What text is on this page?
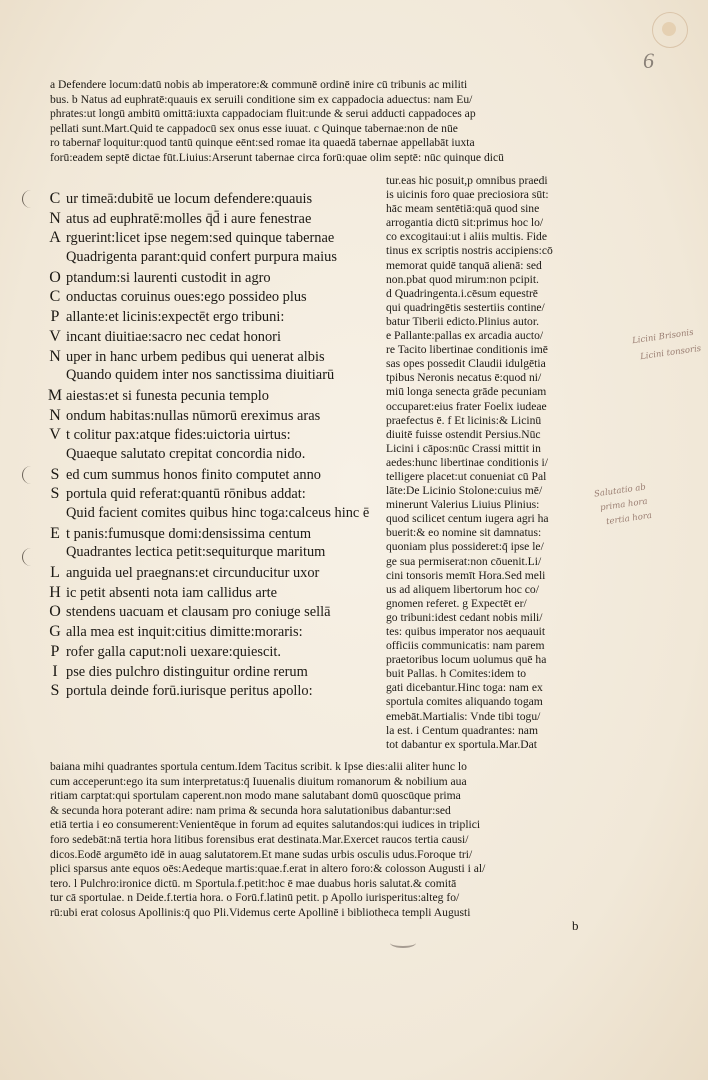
6
a Defendere locum:datū nobis ab imperatore:& communē ordinē inire cū tribunis ac militi
bus. b Natus ad euphratē:quauis ex seruili conditione sim ex cappadocia aduectus: nam Eu/
phrates:ut longū ambitū omittā:iuxta cappadociam fluit:unde & serui adducti cappadoces ap
pellati sunt.Mart.Quid te cappadocū sex onus esse iuuat. c Quinque tabernae:non de nūe
ro tabernar̄ loquitur:quod tantū quinque eēnt:sed romae ita quaedā tabernae appellabāt iuxta
forū:eadem septē dictae fūt.Liuius:Arserunt tabernae circa forū:quae olim septē: nūc quinque dicū
C ur timeā:dubitē ue locum defendere:quauis
N atus ad euphratē:molles q̄d̄ i aure fenestrae
A rguerint:licet ipse negem:sed quinque tabernae
Quadrigenta parant:quid confert purpura maius
O ptandum:si laurenti custodit in agro
C onductas coruinus oues:ego possideo plus
P allante:et licinis:expectēt ergo tribuni:
V incant diuitiae:sacro nec cedat honori
N uper in hanc urbem pedibus qui uenerat albis
Quando quidem inter nos sanctissima diuitiarū
M aiestas:et si funesta pecunia templo
N ondum habitas:nullas nūmorū ereximus aras
V t colitur pax:atque fides:uictoria uirtus:
Quaeque salutato crepitat concordia nido.
S ed cum summus honos finito computet anno
S portula quid referat:quantū rōnibus addat:
Quid facient comites quibus hinc toga:calceus hinc ē
E t panis:fumusque domi:densissima centum
Quadrantes lectica petit:sequiturque maritum
L anguida uel praegnans:et circunducitur uxor
H ic petit absenti nota iam callidus arte
O stendens uacuam et clausam pro coniuge sellā
G alla mea est inquit:citius dimitte:moraris:
P rofer galla caput:noli uexare:quiescit.
I pse dies pulchro distinguitur ordine rerum
S portula deinde forū.iurisque peritus apollo:
tur.eas hic posuit,p omnibus praedi
is uicinis foro quae preciosiora sūt:
hāc meam sentētiā:quā quod sine
arrogantia dictū sit:primus hoc lo/
co excogitaui:ut i aliis multis. Fide
tinus ex scriptis nostris accipiens:cō
memorat quidē tanquā alienā: sed
non.pbat quod mirum:non pcipit.
d Quadringenta.i.cēsum equestrē
qui quadringētis sestertiis contine/
batur Tiberii edicto.Plinius autor.
e Pallante:pallas ex arcadia aucto/
re Tacito libertinae conditionis imē
sas opes possedit Claudii idulgētia
tpibus Neronis necatus ē:quod ni/
miū longa senecta grāde pecuniam
occuparet:eius frater Foelix iudeae
praefectus ē. f Et licinis:& Licinū
diuitē fuisse ostendit Persius.Nūc
Licini i cāpos:nūc Crassi mittit in
aedes:hunc libertinae conditionis i/
telligere placet:ut conueniat cū Pal
lāte:De Licinio Stolone:cuius mē/
minerunt Valerius Liuius Plinius:
quod scilicet centum iugera agri ha
buerit:& eo nomine sit damnatus:
quoniam plus possideret:q̄ ipse le/
ge sua permiserat:non cōuenit.Li/
cini tonsoris memīt Hora.Sed meli
us ad aliquem libertorum hoc co/
gnomen referet. g Expectēt er/
go tribuni:idest cedant nobis mili/
tes: quibus imperator nos aequauit
officiis communicatis: nam parem
praetoribus locum uolumus quē ha
buit Pallas. h Comites:idem to
gati dicebantur.Hinc toga: nam ex
sportula comites aliquando togam
emebāt.Martialis: Vnde tibi togu/
la est. i Centum quadrantes: nam
tot dabantur ex sportula.Mar.Dat
Licini Brisonis
Licini tonsoris
Salutatio ab
prima hora
tertia hora
baiana mihi quadrantes sportula centum.Idem Tacitus scribit. k Ipse dies:alii aliter hunc lo
cum acceperunt:ego ita sum interpretatus:q̄ Iuuenalis diuitum romanorum & nobilium aua
ritiam carptat:qui sportulam caperent.non modo mane salutabant domū quoscūque prima
& secunda hora poterant adire: nam prima & secunda hora salutationibus dabantur:sed
etiā tertia i eo consumerent:Venientēque in forum ad equites salutandos:qui iudices in triplici
foro sedebāt:nā tertia hora litibus forensibus erat destinata.Mar.Exercet raucos tertia causi/
dicos.Eodē argumēto idē in auag salutatorem.Et mane sudas urbis osculis udus.Foroque tri/
plici sparsus ante equos oēs:Aedeque martis:quae.f.erat in altero foro:& colosson Augusti i al/
tero. l Pulchro:ironice dictū. m Sportula.f.petit:hoc ē mae duabus horis salutat.& comitā
tur cā sportulae. n Deide.f.tertia hora. o Forū.f.latinū petit. p Apollo iurisperitus:alteg fo/
rū:ubi erat colosus Apollinis:q̄ quo Pli.Videmus certe Apollinē i bibliotheca templi Augusti
b
